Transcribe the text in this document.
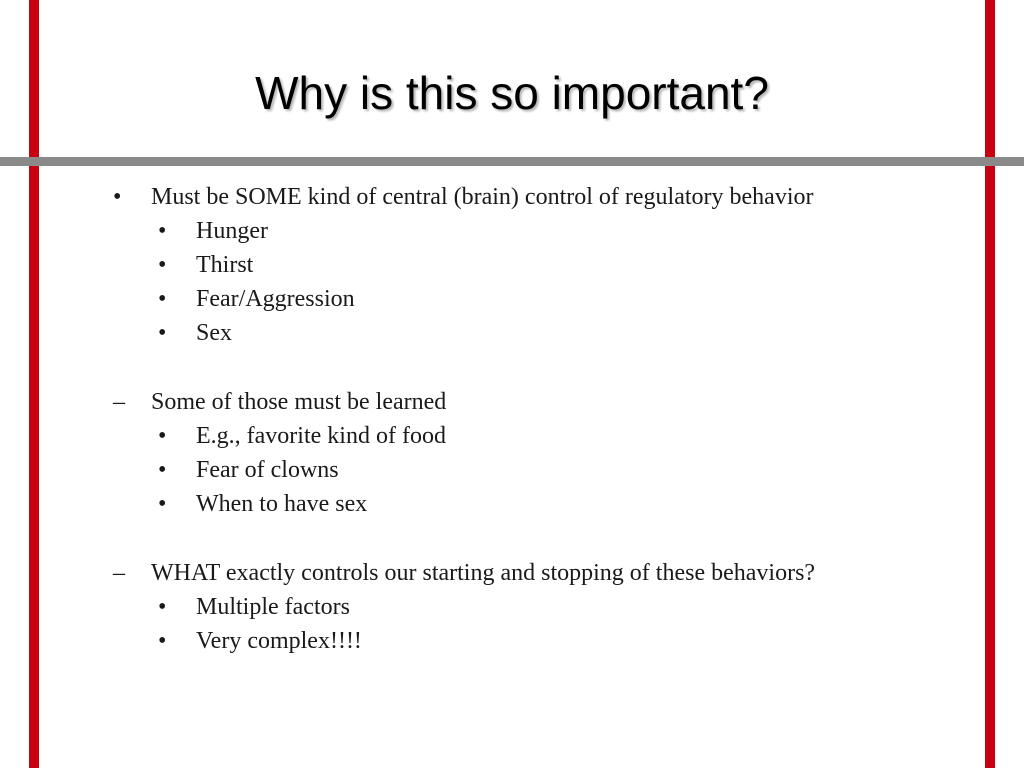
Why is this so important?
• Must be SOME kind of central (brain) control of regulatory behavior
• Hunger
• Thirst
• Fear/Aggression
• Sex
– Some of those must be learned
• E.g., favorite kind of food
• Fear of clowns
• When to have sex
– WHAT exactly controls our starting and stopping of these behaviors?
• Multiple factors
• Very complex!!!!
